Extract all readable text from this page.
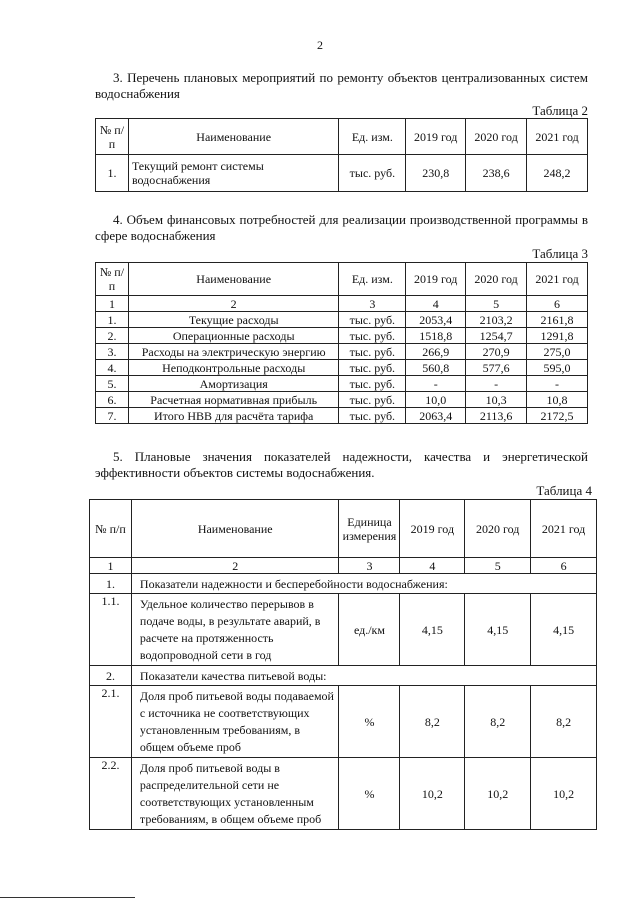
2
3. Перечень плановых мероприятий по ремонту объектов централизованных систем водоснабжения
Таблица 2
№ п/п	Наименование	Ед. изм.	2019 год	2020 год	2021 год
1.	Текущий ремонт системы водоснабжения	тыс. руб.	230,8	238,6	248,2
4. Объем финансовых потребностей для реализации производственной программы в сфере водоснабжения
Таблица 3
№ п/п	Наименование	Ед. изм.	2019 год	2020 год	2021 год
1	2	3	4	5	6
1.	Текущие расходы	тыс. руб.	2053,4	2103,2	2161,8
2.	Операционные расходы	тыс. руб.	1518,8	1254,7	1291,8
3.	Расходы на электрическую энергию	тыс. руб.	266,9	270,9	275,0
4.	Неподконтрольные расходы	тыс. руб.	560,8	577,6	595,0
5.	Амортизация	тыс. руб.	-	-	-
6.	Расчетная нормативная прибыль	тыс. руб.	10,0	10,3	10,8
7.	Итого НВВ для расчёта тарифа	тыс. руб.	2063,4	2113,6	2172,5
5. Плановые значения показателей надежности, качества и энергетической эффективности объектов системы водоснабжения.
Таблица 4
№ п/п	Наименование	Единица измерения	2019 год	2020 год	2021 год
1	2	3	4	5	6
1.	Показатели надежности и бесперебойности водоснабжения:				
1.1.	Удельное количество перерывов в подаче воды, в результате аварий, в расчете на протяженность водопроводной сети в год	ед./км	4,15	4,15	4,15
2.	Показатели качества питьевой воды:				
2.1.	Доля проб питьевой воды подаваемой с источника не соответствующих установленным требованиям, в общем объеме проб	%	8,2	8,2	8,2
2.2.	Доля проб питьевой воды в распределительной сети не соответствующих установленным требованиям, в общем объеме проб	%	10,2	10,2	10,2
